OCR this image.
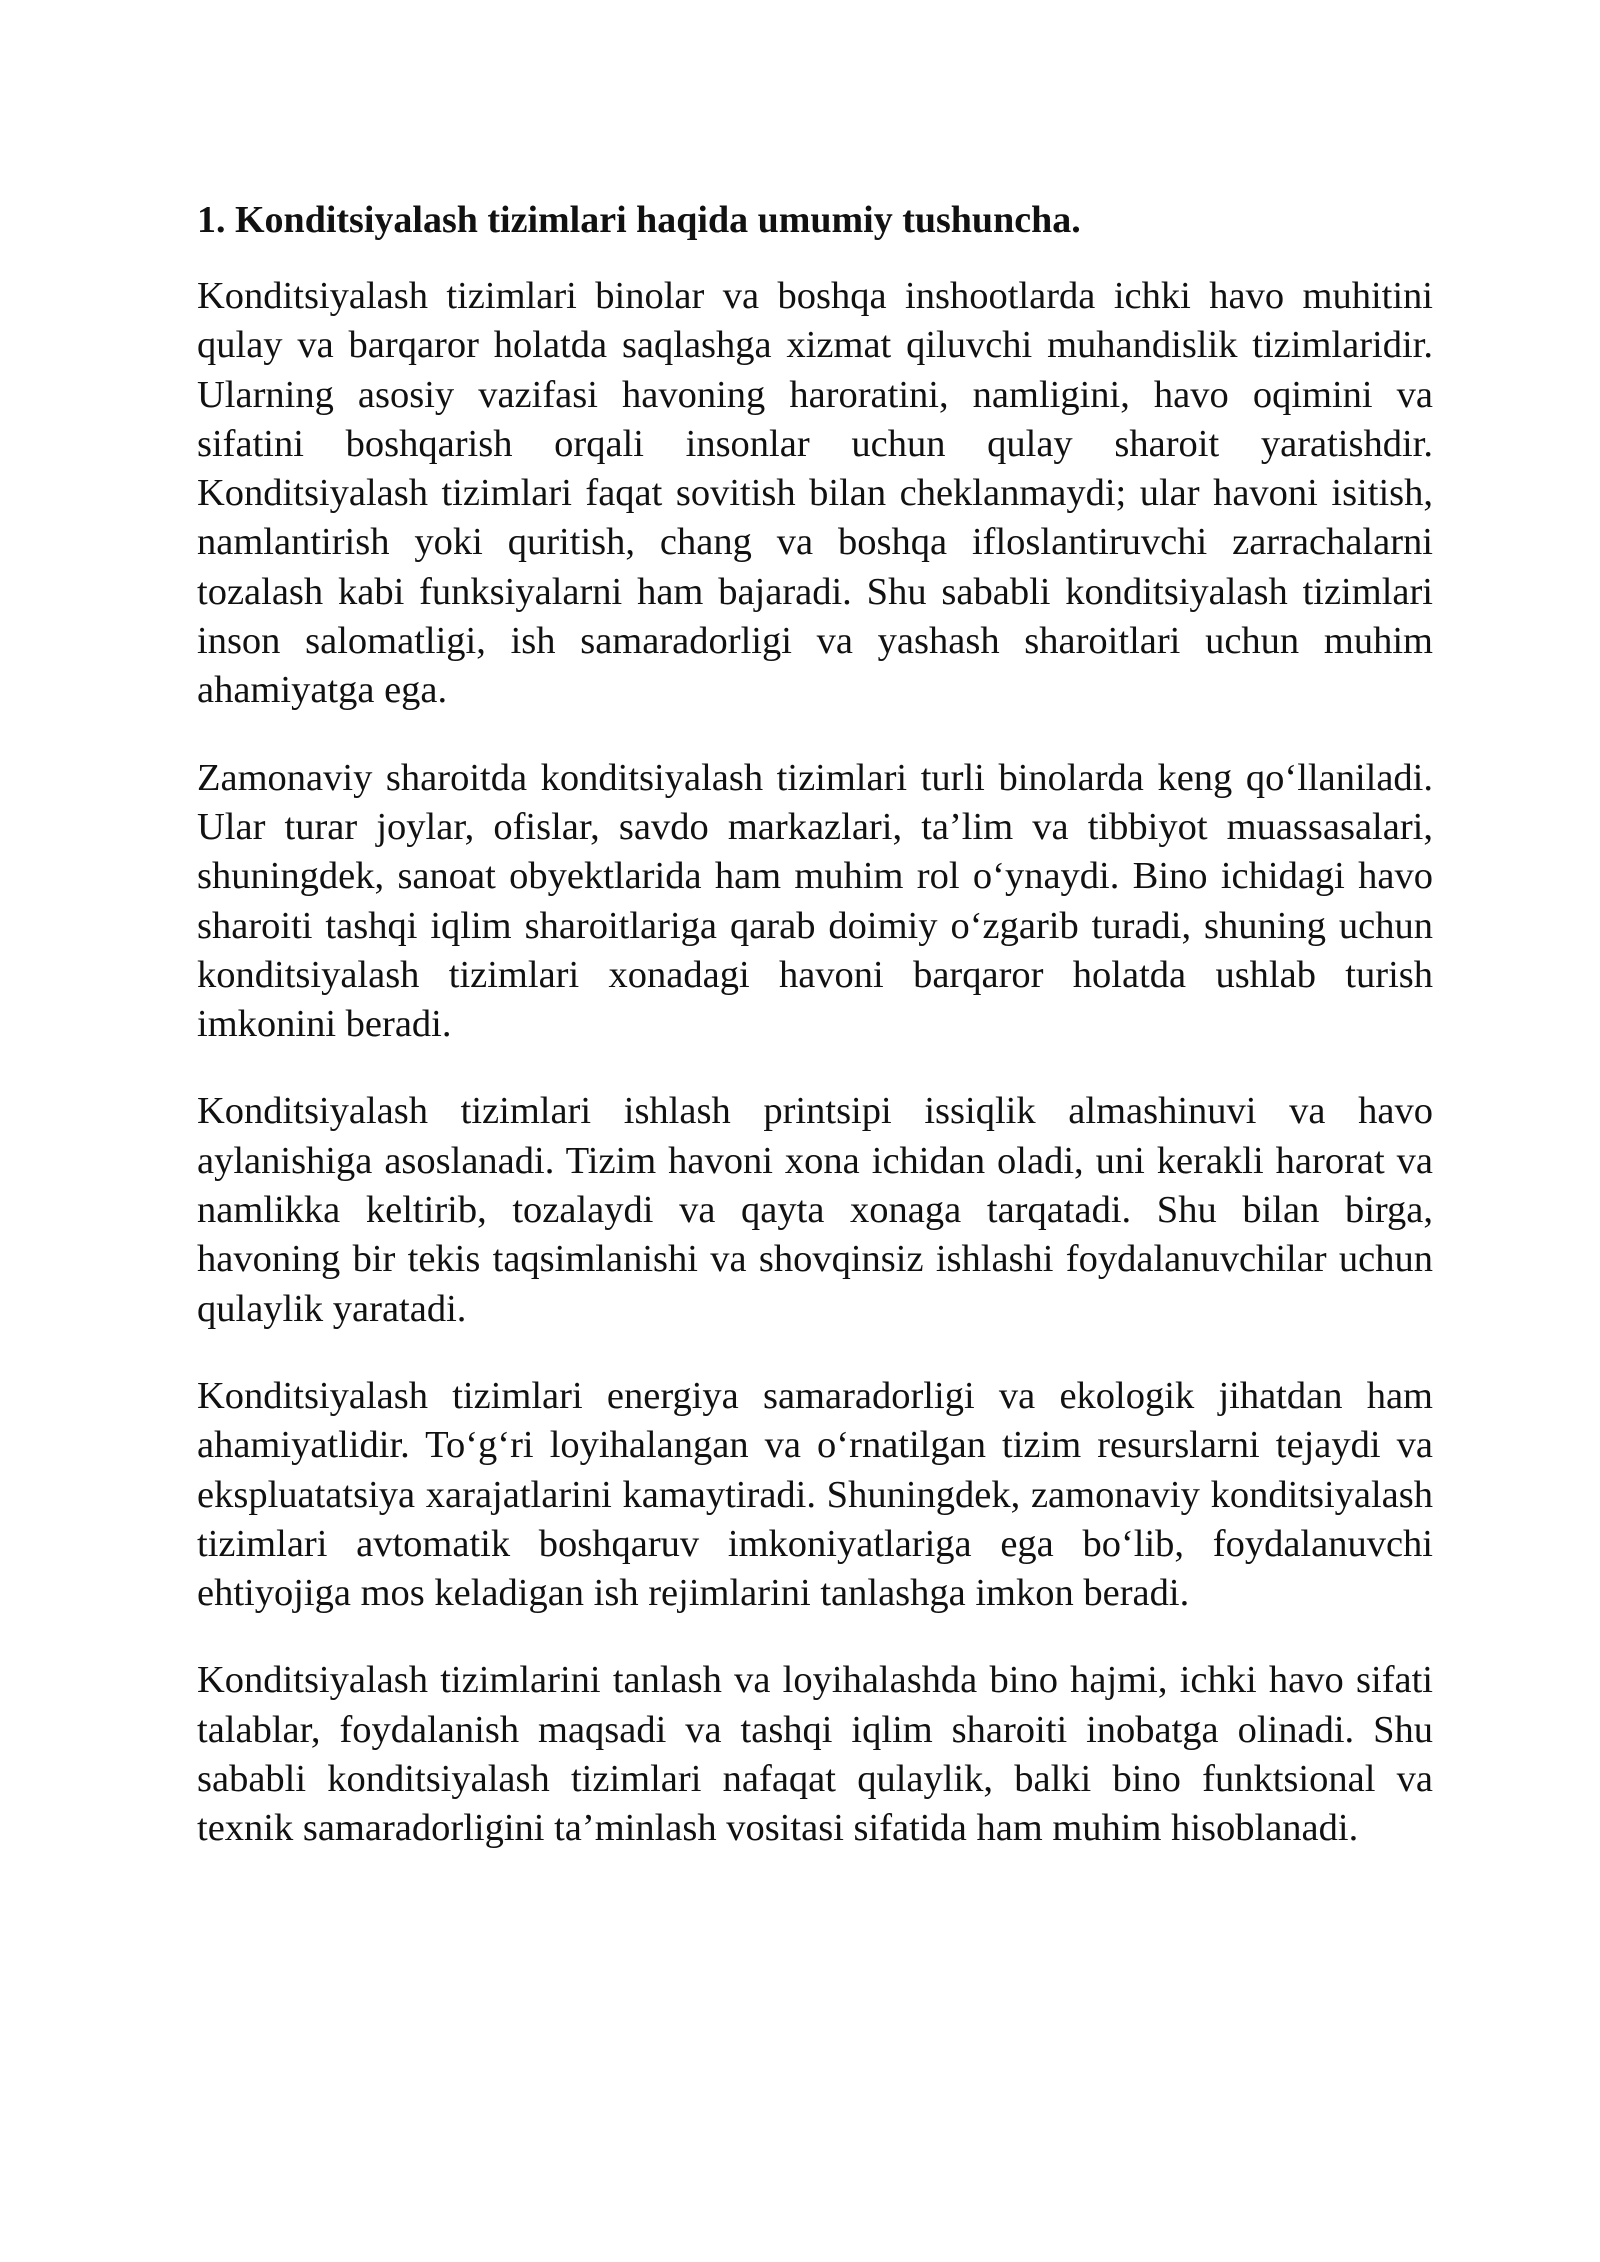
1. Konditsiyalash tizimlari haqida umumiy tushuncha.

Konditsiyalash tizimlari binolar va boshqa inshootlarda ichki havo muhitini qulay va barqaror holatda saqlashga xizmat qiluvchi muhandislik tizimlaridir. Ularning asosiy vazifasi havoning haroratini, namligini, havo oqimini va sifatini boshqarish orqali insonlar uchun qulay sharoit yaratishdir. Konditsiyalash tizimlari faqat sovitish bilan cheklanmaydi; ular havoni isitish, namlantirish yoki quritish, chang va boshqa ifloslantiruvchi zarrachalarni tozalash kabi funksiyalarni ham bajaradi. Shu sababli konditsiyalash tizimlari inson salomatligi, ish samaradorligi va yashash sharoitlari uchun muhim ahamiyatga ega.

Zamonaviy sharoitda konditsiyalash tizimlari turli binolarda keng qo‘llaniladi. Ular turar joylar, ofislar, savdo markazlari, ta’lim va tibbiyot muassasalari, shuningdek, sanoat obyektlarida ham muhim rol o‘ynaydi. Bino ichidagi havo sharoiti tashqi iqlim sharoitlariga qarab doimiy o‘zgarib turadi, shuning uchun konditsiyalash tizimlari xonadagi havoni barqaror holatda ushlab turish imkonini beradi.

Konditsiyalash tizimlari ishlash printsipi issiqlik almashinuvi va havo aylanishiga asoslanadi. Tizim havoni xona ichidan oladi, uni kerakli harorat va namlikka keltirib, tozalaydi va qayta xonaga tarqatadi. Shu bilan birga, havoning bir tekis taqsimlanishi va shovqinsiz ishlashi foydalanuvchilar uchun qulaylik yaratadi.

Konditsiyalash tizimlari energiya samaradorligi va ekologik jihatdan ham ahamiyatlidir. To‘g‘ri loyihalangan va o‘rnatilgan tizim resurslarni tejaydi va ekspluatatsiya xarajatlarini kamaytiradi. Shuningdek, zamonaviy konditsiyalash tizimlari avtomatik boshqaruv imkoniyatlariga ega bo‘lib, foydalanuvchi ehtiyojiga mos keladigan ish rejimlarini tanlashga imkon beradi.

Konditsiyalash tizimlarini tanlash va loyihalashda bino hajmi, ichki havo sifati talablar, foydalanish maqsadi va tashqi iqlim sharoiti inobatga olinadi. Shu sababli konditsiyalash tizimlari nafaqat qulaylik, balki bino funktsional va texnik samaradorligini ta’minlash vositasi sifatida ham muhim hisoblanadi.
